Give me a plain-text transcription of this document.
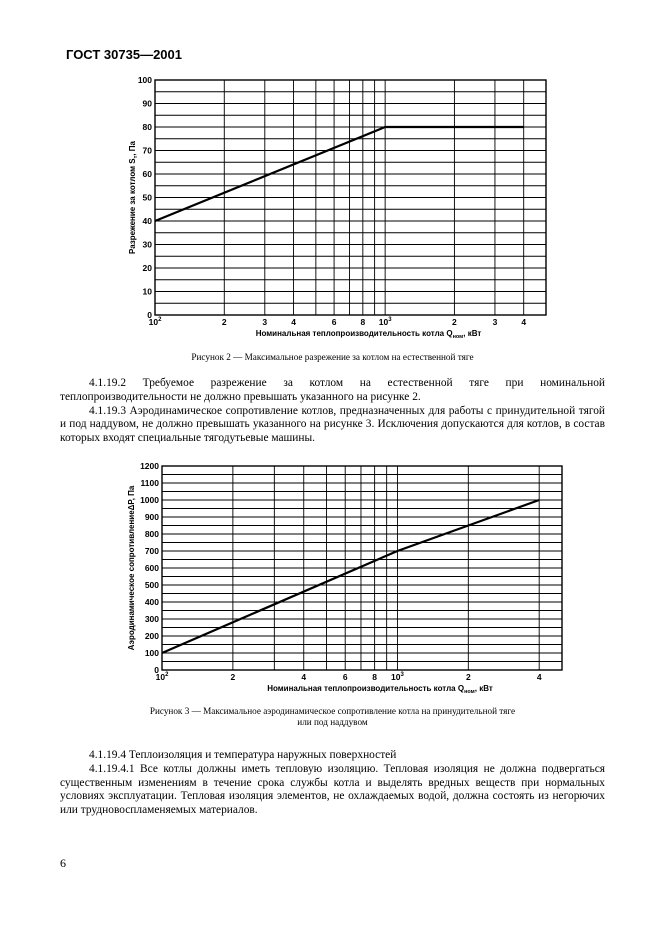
ГОСТ 30735—2001
0
10
20
30
40
50
60
70
80
90
100
$10^2$	2	3	4	6	8 $10^3$	2	3	4
Номинальная теплопроизводительность котла $Q_{ном}$, кВт
Разрежение за котлом $S_т$, Па
Рисунок 2 — Максимальное разрежение за котлом на естественной тяге

4.1.19.2 Требуемое разрежение за котлом на естественной тяге при номинальной теплопроизводительности не должно превышать указанного на рисунке 2.

4.1.19.3 Аэродинамическое сопротивление котлов, предназначенных для работы с принудительной тягой и под наддувом, не должно превышать указанного на рисунке 3. Исключения допускаются для котлов, в состав которых входят специальные тягодутьевые машины.

0
100
200
300
400
500
600
700
800
900
1000
1100
1200
$10^2$	2	4	6	8 $10^3$	2	4
Номинальная теплопроизводительность котла $Q_{ном}$, кВт
Аэродинамическое сопротивлениеΔP, Па
Рисунок 3 — Максимальное аэродинамическое сопротивление котла на принудительной тяге
или под наддувом

4.1.19.4 Теплоизоляция и температура наружных поверхностей

4.1.19.4.1 Все котлы должны иметь тепловую изоляцию. Тепловая изоляция не должна подвергаться существенным изменениям в течение срока службы котла и выделять вредных веществ при нормальных условиях эксплуатации. Тепловая изоляция элементов, не охлаждаемых водой, должна состоять из негорючих или трудновоспламеняемых материалов.

6
